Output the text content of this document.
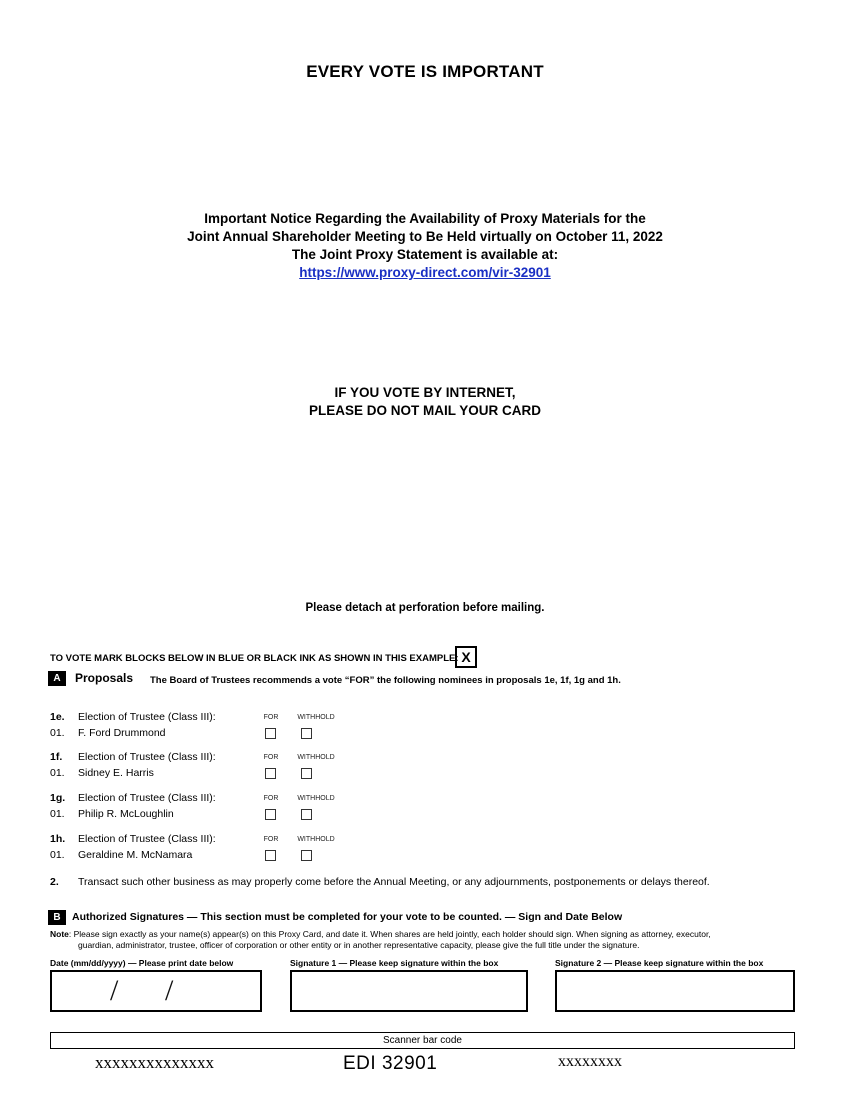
EVERY VOTE IS IMPORTANT
Important Notice Regarding the Availability of Proxy Materials for the
Joint Annual Shareholder Meeting to Be Held virtually on October 11, 2022
The Joint Proxy Statement is available at:
https://www.proxy-direct.com/vir-32901
IF YOU VOTE BY INTERNET,
PLEASE DO NOT MAIL YOUR CARD
Please detach at perforation before mailing.
TO VOTE MARK BLOCKS BELOW IN BLUE OR BLACK INK AS SHOWN IN THIS EXAMPLE: X
A	Proposals The Board of Trustees recommends a vote “FOR” the following nominees in proposals 1e, 1f, 1g and 1h.
1e. Election of Trustee (Class III):	FOR	WITHHOLD
01. F. Ford Drummond
1f. Election of Trustee (Class III):	FOR	WITHHOLD
01. Sidney E. Harris
1g. Election of Trustee (Class III):	FOR	WITHHOLD
01. Philip R. McLoughlin
1h. Election of Trustee (Class III):	FOR	WITHHOLD
01. Geraldine M. McNamara
2.	Transact such other business as may properly come before the Annual Meeting, or any adjournments, postponements or delays thereof.
B	Authorized Signatures — This section must be completed for your vote to be counted. — Sign and Date Below
Note: Please sign exactly as your name(s) appear(s) on this Proxy Card, and date it. When shares are held jointly, each holder should sign. When signing as attorney, executor,
guardian, administrator, trustee, officer of corporation or other entity or in another representative capacity, please give the full title under the signature.
Date (mm/dd/yyyy) — Please print date below	Signature 1 — Please keep signature within the box	Signature 2 — Please keep signature within the box
/ /
Scanner bar code
xxxxxxxxxxxxxx	EDI 32901	xxxxxxxx
